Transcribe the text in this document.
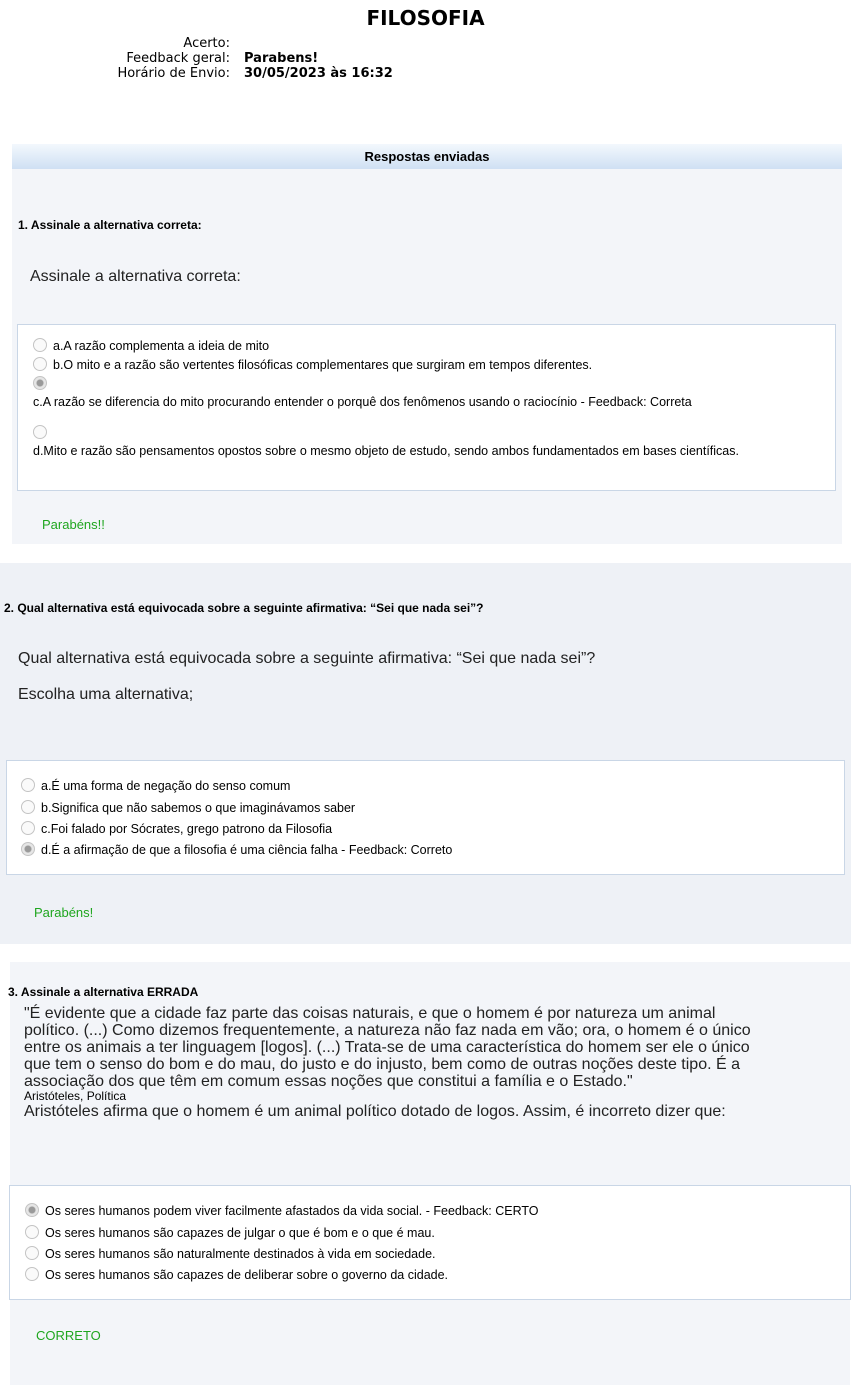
FILOSOFIA
Acerto:
Feedback geral: Parabens!
Horário de Envio: 30/05/2023 às 16:32
Respostas enviadas
1. Assinale a alternativa correta:
Assinale a alternativa correta:
a.A razão complementa a ideia de mito
b.O mito e a razão são vertentes filosóficas complementares que surgiram em tempos diferentes.
c.A razão se diferencia do mito procurando entender o porquê dos fenômenos usando o raciocínio - Feedback: Correta
d.Mito e razão são pensamentos opostos sobre o mesmo objeto de estudo, sendo ambos fundamentados em bases científicas.
Parabéns!!
2. Qual alternativa está equivocada sobre a seguinte afirmativa: “Sei que nada sei”?
Qual alternativa está equivocada sobre a seguinte afirmativa: “Sei que nada sei”?
Escolha uma alternativa;
a.É uma forma de negação do senso comum
b.Significa que não sabemos o que imaginávamos saber
c.Foi falado por Sócrates, grego patrono da Filosofia
d.É a afirmação de que a filosofia é uma ciência falha - Feedback: Correto
Parabéns!
3. Assinale a alternativa ERRADA
"É evidente que a cidade faz parte das coisas naturais, e que o homem é por natureza um animal
político. (...) Como dizemos frequentemente, a natureza não faz nada em vão; ora, o homem é o único
entre os animais a ter linguagem [logos]. (...) Trata-se de uma característica do homem ser ele o único
que tem o senso do bom e do mau, do justo e do injusto, bem como de outras noções deste tipo. É a
associação dos que têm em comum essas noções que constitui a família e o Estado."
Aristóteles, Política
Aristóteles afirma que o homem é um animal político dotado de logos. Assim, é incorreto dizer que:
Os seres humanos podem viver facilmente afastados da vida social. - Feedback: CERTO
Os seres humanos são capazes de julgar o que é bom e o que é mau.
Os seres humanos são naturalmente destinados à vida em sociedade.
Os seres humanos são capazes de deliberar sobre o governo da cidade.
CORRETO
